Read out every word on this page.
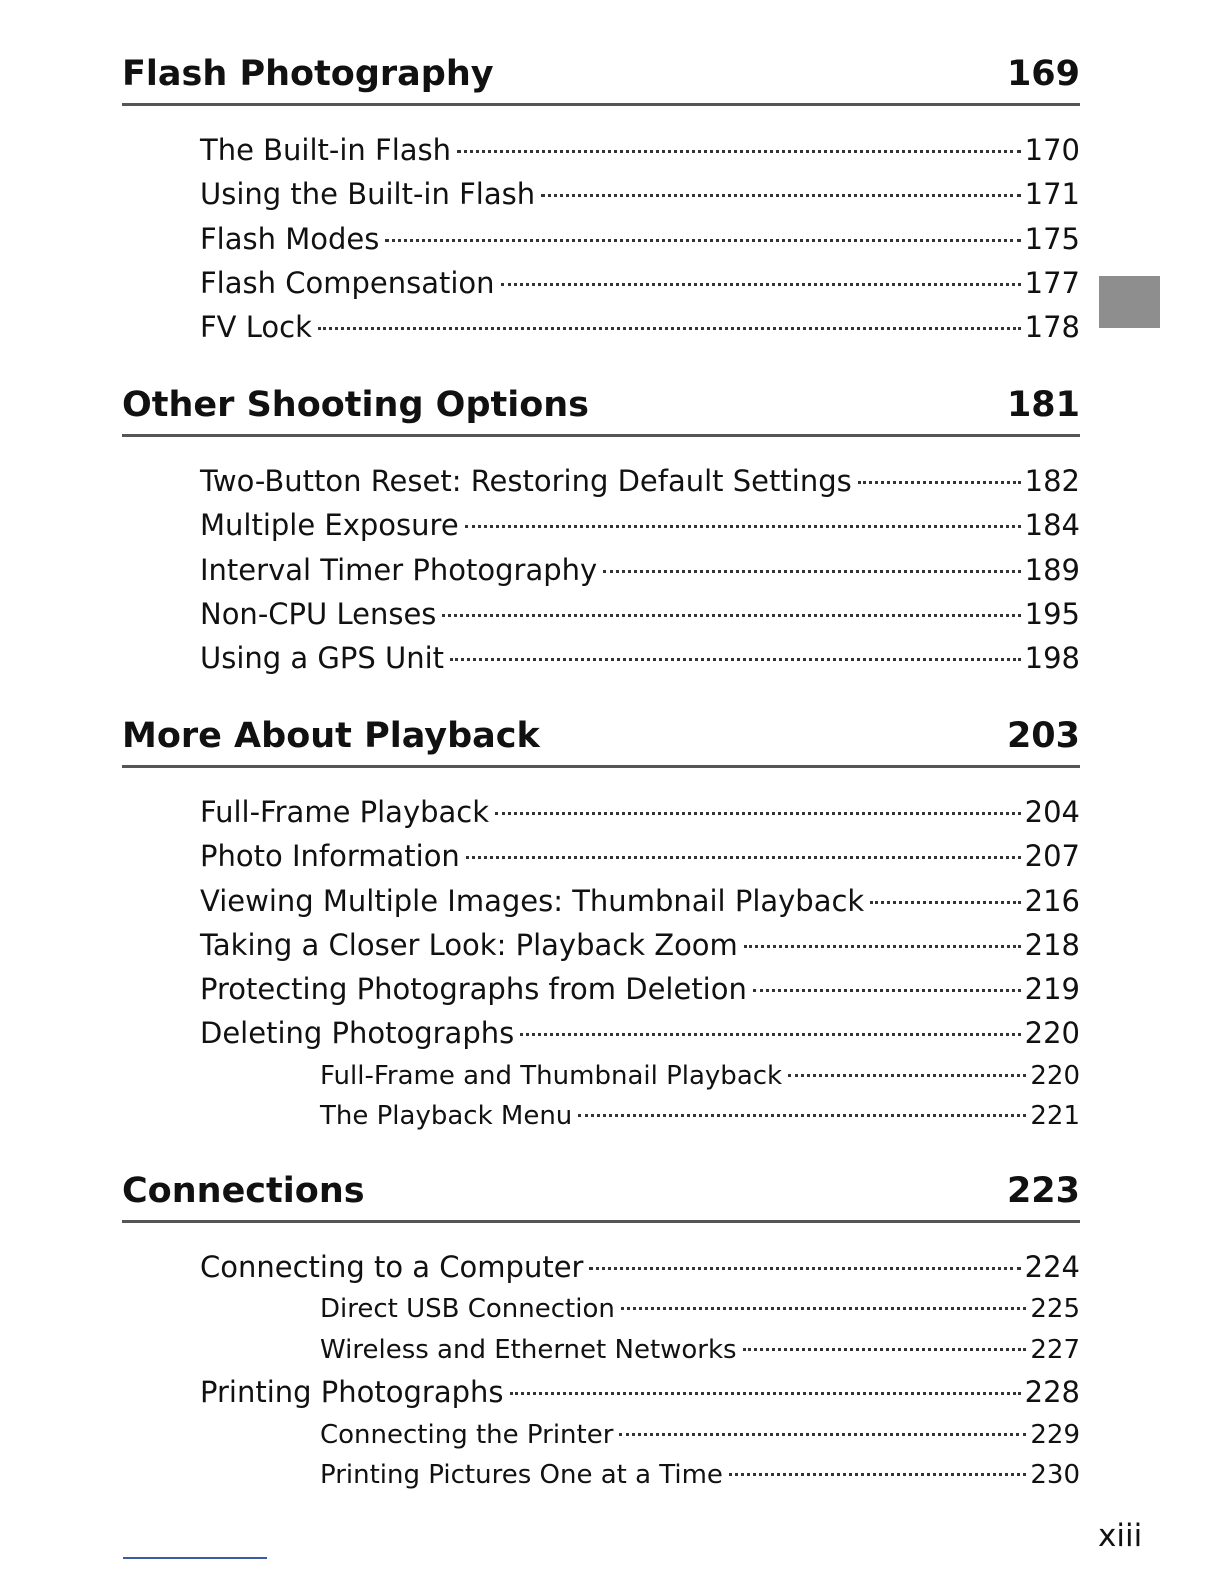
Flash Photography	169
The Built-in Flash	170
Using the Built-in Flash	171
Flash Modes	175
Flash Compensation	177
FV Lock	178
Other Shooting Options	181
Two-Button Reset: Restoring Default Settings	182
Multiple Exposure	184
Interval Timer Photography	189
Non-CPU Lenses	195
Using a GPS Unit	198
More About Playback	203
Full-Frame Playback	204
Photo Information	207
Viewing Multiple Images: Thumbnail Playback	216
Taking a Closer Look: Playback Zoom	218
Protecting Photographs from Deletion	219
Deleting Photographs	220
Full-Frame and Thumbnail Playback	220
The Playback Menu	221
Connections	223
Connecting to a Computer	224
Direct USB Connection	225
Wireless and Ethernet Networks	227
Printing Photographs	228
Connecting the Printer	229
Printing Pictures One at a Time	230
xiii
